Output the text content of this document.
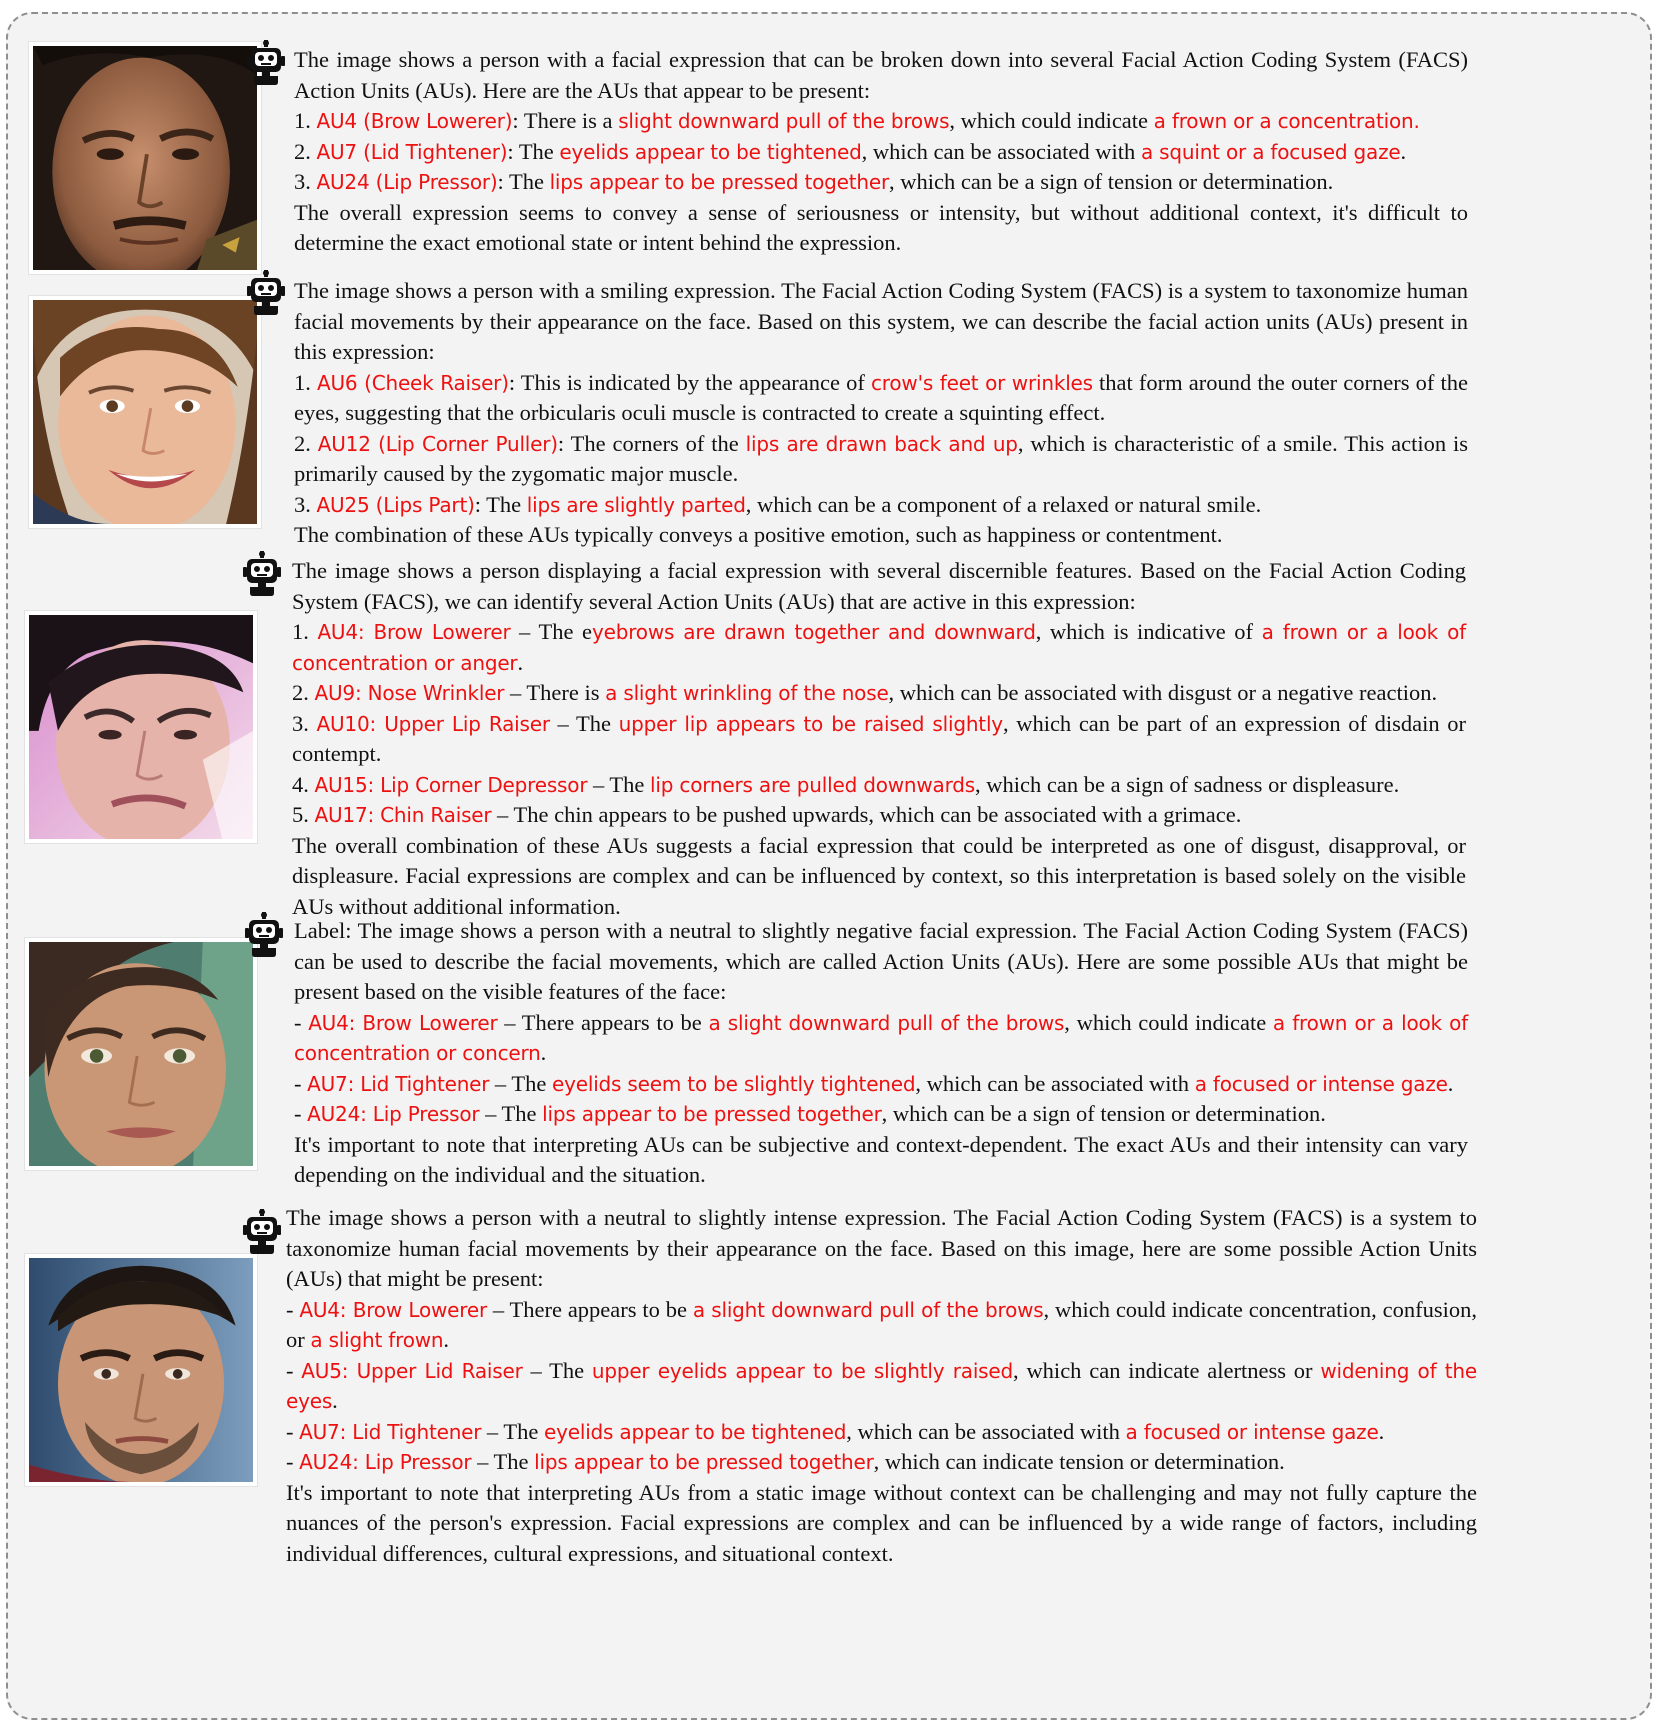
The image shows a person with a facial expression that can be broken down into several Facial Action Coding System (FACS) Action Units (AUs). Here are the AUs that appear to be present:

1. AU4 (Brow Lowerer): There is a slight downward pull of the brows, which could indicate a frown or a concentration.

2. AU7 (Lid Tightener): The eyelids appear to be tightened, which can be associated with a squint or a focused gaze.

3. AU24 (Lip Pressor): The lips appear to be pressed together, which can be a sign of tension or determination.

The overall expression seems to convey a sense of seriousness or intensity, but without additional context, it's difficult to determine the exact emotional state or intent behind the expression.

The image shows a person with a smiling expression. The Facial Action Coding System (FACS) is a system to taxonomize human facial movements by their appearance on the face. Based on this system, we can describe the facial action units (AUs) present in this expression:

1. AU6 (Cheek Raiser): This is indicated by the appearance of crow's feet or wrinkles that form around the outer corners of the eyes, suggesting that the orbicularis oculi muscle is contracted to create a squinting effect.

2. AU12 (Lip Corner Puller): The corners of the lips are drawn back and up, which is characteristic of a smile. This action is primarily caused by the zygomatic major muscle.

3. AU25 (Lips Part): The lips are slightly parted, which can be a component of a relaxed or natural smile.

The combination of these AUs typically conveys a positive emotion, such as happiness or contentment.

The image shows a person displaying a facial expression with several discernible features. Based on the Facial Action Coding System (FACS), we can identify several Action Units (AUs) that are active in this expression:

1. AU4: Brow Lowerer – The eyebrows are drawn together and downward, which is indicative of a frown or a look of concentration or anger.

2. AU9: Nose Wrinkler – There is a slight wrinkling of the nose, which can be associated with disgust or a negative reaction.

3. AU10: Upper Lip Raiser – The upper lip appears to be raised slightly, which can be part of an expression of disdain or contempt.

4. AU15: Lip Corner Depressor – The lip corners are pulled downwards, which can be a sign of sadness or displeasure.

5. AU17: Chin Raiser – The chin appears to be pushed upwards, which can be associated with a grimace.

The overall combination of these AUs suggests a facial expression that could be interpreted as one of disgust, disapproval, or displeasure. Facial expressions are complex and can be influenced by context, so this interpretation is based solely on the visible AUs without additional information.

Label: The image shows a person with a neutral to slightly negative facial expression. The Facial Action Coding System (FACS) can be used to describe the facial movements, which are called Action Units (AUs). Here are some possible AUs that might be present based on the visible features of the face:

- AU4: Brow Lowerer – There appears to be a slight downward pull of the brows, which could indicate a frown or a look of concentration or concern.

- AU7: Lid Tightener – The eyelids seem to be slightly tightened, which can be associated with a focused or intense gaze.

- AU24: Lip Pressor – The lips appear to be pressed together, which can be a sign of tension or determination.

It's important to note that interpreting AUs can be subjective and context-dependent. The exact AUs and their intensity can vary depending on the individual and the situation.

The image shows a person with a neutral to slightly intense expression. The Facial Action Coding System (FACS) is a system to taxonomize human facial movements by their appearance on the face. Based on this image, here are some possible Action Units (AUs) that might be present:

- AU4: Brow Lowerer – There appears to be a slight downward pull of the brows, which could indicate concentration, confusion, or a slight frown.

- AU5: Upper Lid Raiser – The upper eyelids appear to be slightly raised, which can indicate alertness or widening of the eyes.

- AU7: Lid Tightener – The eyelids appear to be tightened, which can be associated with a focused or intense gaze.

- AU24: Lip Pressor – The lips appear to be pressed together, which can indicate tension or determination.

It's important to note that interpreting AUs from a static image without context can be challenging and may not fully capture the nuances of the person's expression. Facial expressions are complex and can be influenced by a wide range of factors, including individual differences, cultural expressions, and situational context.
